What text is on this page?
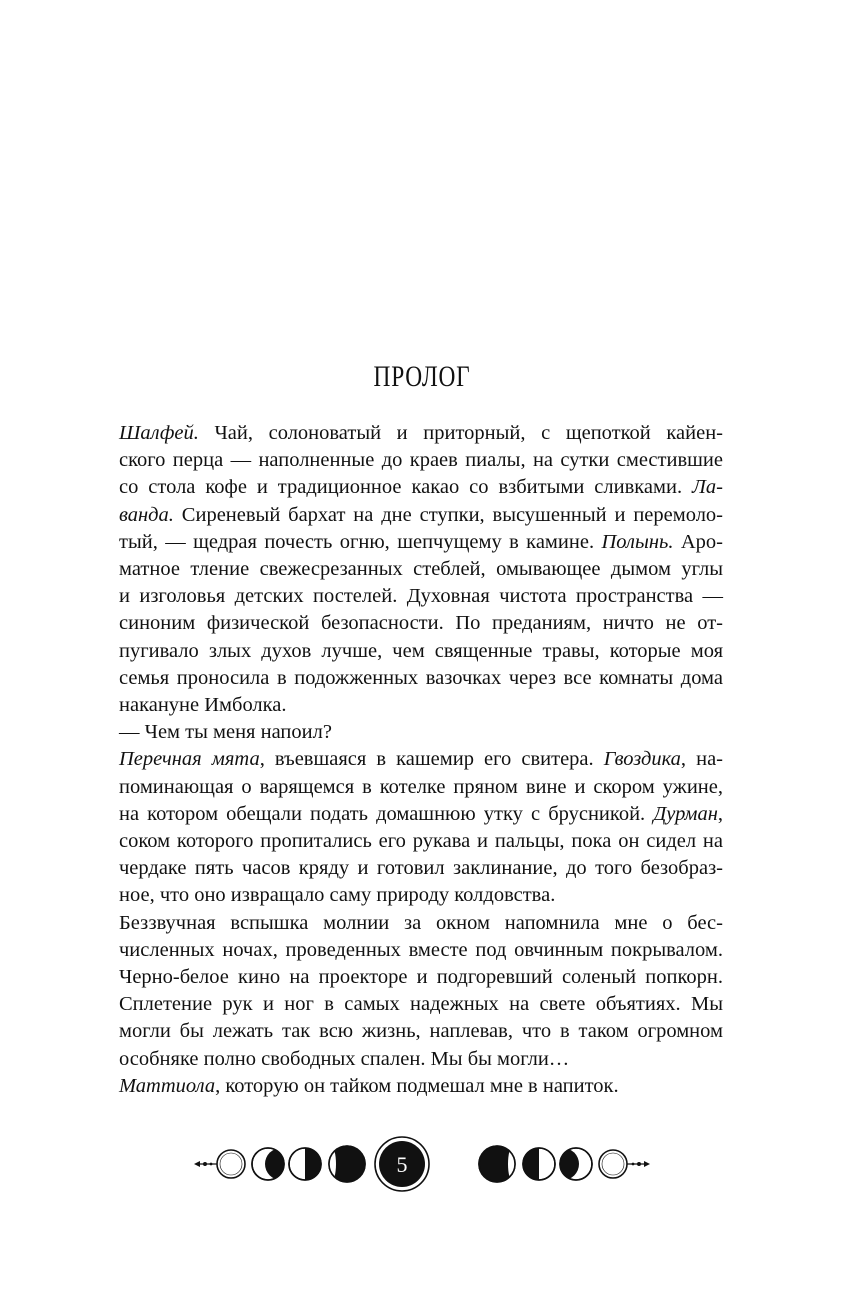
ПРОЛОГ
Шалфей. Чай, солоноватый и приторный, с щепоткой кайен-
ского перца — наполненные до краев пиалы, на сутки сместившие
со стола кофе и традиционное какао со взбитыми сливками. Ла-
ванда. Сиреневый бархат на дне ступки, высушенный и перемоло-
тый, — щедрая почесть огню, шепчущему в камине. Полынь. Аро-
матное тление свежесрезанных стеблей, омывающее дымом углы
и изголовья детских постелей. Духовная чистота пространства —
синоним физической безопасности. По преданиям, ничто не от-
пугивало злых духов лучше, чем священные травы, которые моя
семья проносила в подожженных вазочках через все комнаты дома
накануне Имболка.
— Чем ты меня напоил?
Перечная мята, въевшаяся в кашемир его свитера. Гвоздика, на-
поминающая о варящемся в котелке пряном вине и скором ужине,
на котором обещали подать домашнюю утку с брусникой. Дурман,
соком которого пропитались его рукава и пальцы, пока он сидел на
чердаке пять часов кряду и готовил заклинание, до того безобраз-
ное, что оно извращало саму природу колдовства.
Беззвучная вспышка молнии за окном напомнила мне о бес-
численных ночах, проведенных вместе под овчинным покрывалом.
Черно-белое кино на проекторе и подгоревший соленый попкорн.
Сплетение рук и ног в самых надежных на свете объятиях. Мы
могли бы лежать так всю жизнь, наплевав, что в таком огромном
особняке полно свободных спален. Мы бы могли…
Маттиола, которую он тайком подмешал мне в напиток.
5
